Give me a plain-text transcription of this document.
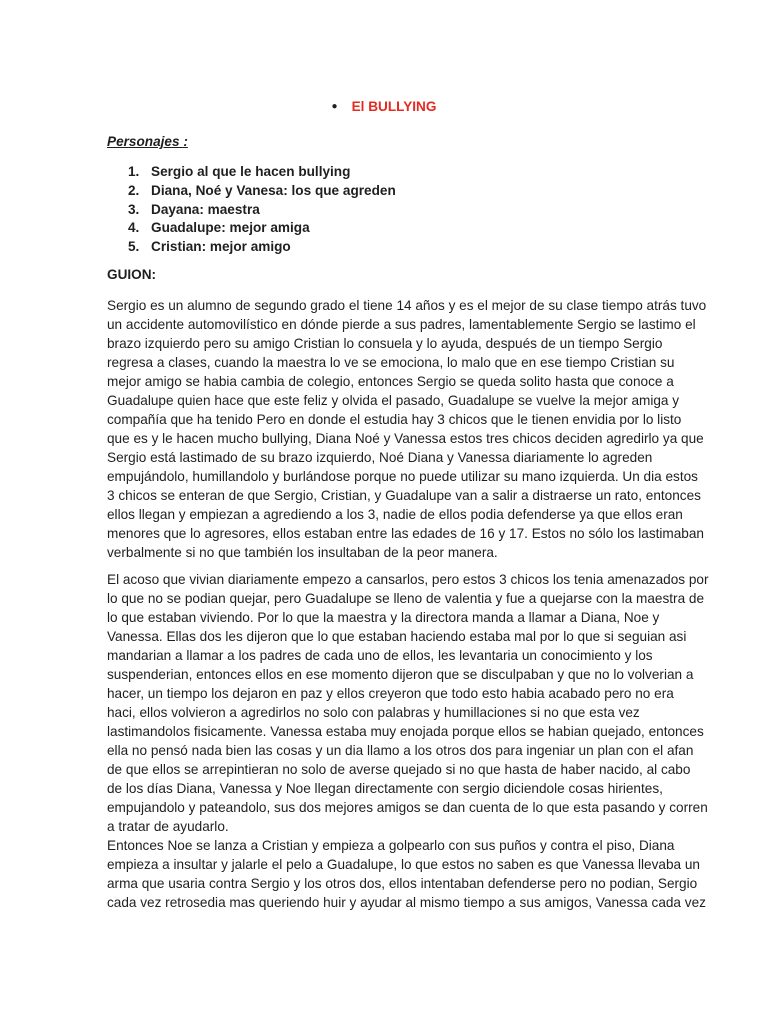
● El BULLYING
Personajes :
1. Sergio al que le hacen bullying
2. Diana, Noé y Vanesa: los que agreden
3. Dayana: maestra
4. Guadalupe: mejor amiga
5. Cristian: mejor amigo
GUION:
Sergio es un alumno de segundo grado el tiene 14 años y es el mejor de su clase tiempo atrás tuvo
un accidente automovilístico en dónde pierde a sus padres, lamentablemente Sergio se lastimo el
brazo izquierdo pero su amigo Cristian lo consuela y lo ayuda, después de un tiempo Sergio
regresa a clases, cuando la maestra lo ve se emociona, lo malo que en ese tiempo Cristian su
mejor amigo se habia cambia de colegio, entonces Sergio se queda solito hasta que conoce a
Guadalupe quien hace que este feliz y olvida el pasado, Guadalupe se vuelve la mejor amiga y
compañía que ha tenido Pero en donde el estudia hay 3 chicos que le tienen envidia por lo listo
que es y le hacen mucho bullying, Diana Noé y Vanessa estos tres chicos deciden agredirlo ya que
Sergio está lastimado de su brazo izquierdo, Noé Diana y Vanessa diariamente lo agreden
empujándolo, humillandolo y burlándose porque no puede utilizar su mano izquierda. Un dia estos
3 chicos se enteran de que Sergio, Cristian, y Guadalupe van a salir a distraerse un rato, entonces
ellos llegan y empiezan a agrediendo a los 3, nadie de ellos podia defenderse ya que ellos eran
menores que lo agresores, ellos estaban entre las edades de 16 y 17. Estos no sólo los lastimaban
verbalmente si no que también los insultaban de la peor manera.
El acoso que vivian diariamente empezo a cansarlos, pero estos 3 chicos los tenia amenazados por
lo que no se podian quejar, pero Guadalupe se lleno de valentia y fue a quejarse con la maestra de
lo que estaban viviendo. Por lo que la maestra y la directora manda a llamar a Diana, Noe y
Vanessa. Ellas dos les dijeron que lo que estaban haciendo estaba mal por lo que si seguian asi
mandarian a llamar a los padres de cada uno de ellos, les levantaria un conocimiento y los
suspenderian, entonces ellos en ese momento dijeron que se disculpaban y que no lo volverian a
hacer, un tiempo los dejaron en paz y ellos creyeron que todo esto habia acabado pero no era
haci, ellos volvieron a agredirlos no solo con palabras y humillaciones si no que esta vez
lastimandolos fisicamente. Vanessa estaba muy enojada porque ellos se habian quejado, entonces
ella no pensó nada bien las cosas y un dia llamo a los otros dos para ingeniar un plan con el afan
de que ellos se arrepintieran no solo de averse quejado si no que hasta de haber nacido, al cabo
de los días Diana, Vanessa y Noe llegan directamente con sergio diciendole cosas hirientes,
empujandolo y pateandolo, sus dos mejores amigos se dan cuenta de lo que esta pasando y corren
a tratar de ayudarlo.
Entonces Noe se lanza a Cristian y empieza a golpearlo con sus puños y contra el piso, Diana
empieza a insultar y jalarle el pelo a Guadalupe, lo que estos no saben es que Vanessa llevaba un
arma que usaria contra Sergio y los otros dos, ellos intentaban defenderse pero no podian, Sergio
cada vez retrosedia mas queriendo huir y ayudar al mismo tiempo a sus amigos, Vanessa cada vez
